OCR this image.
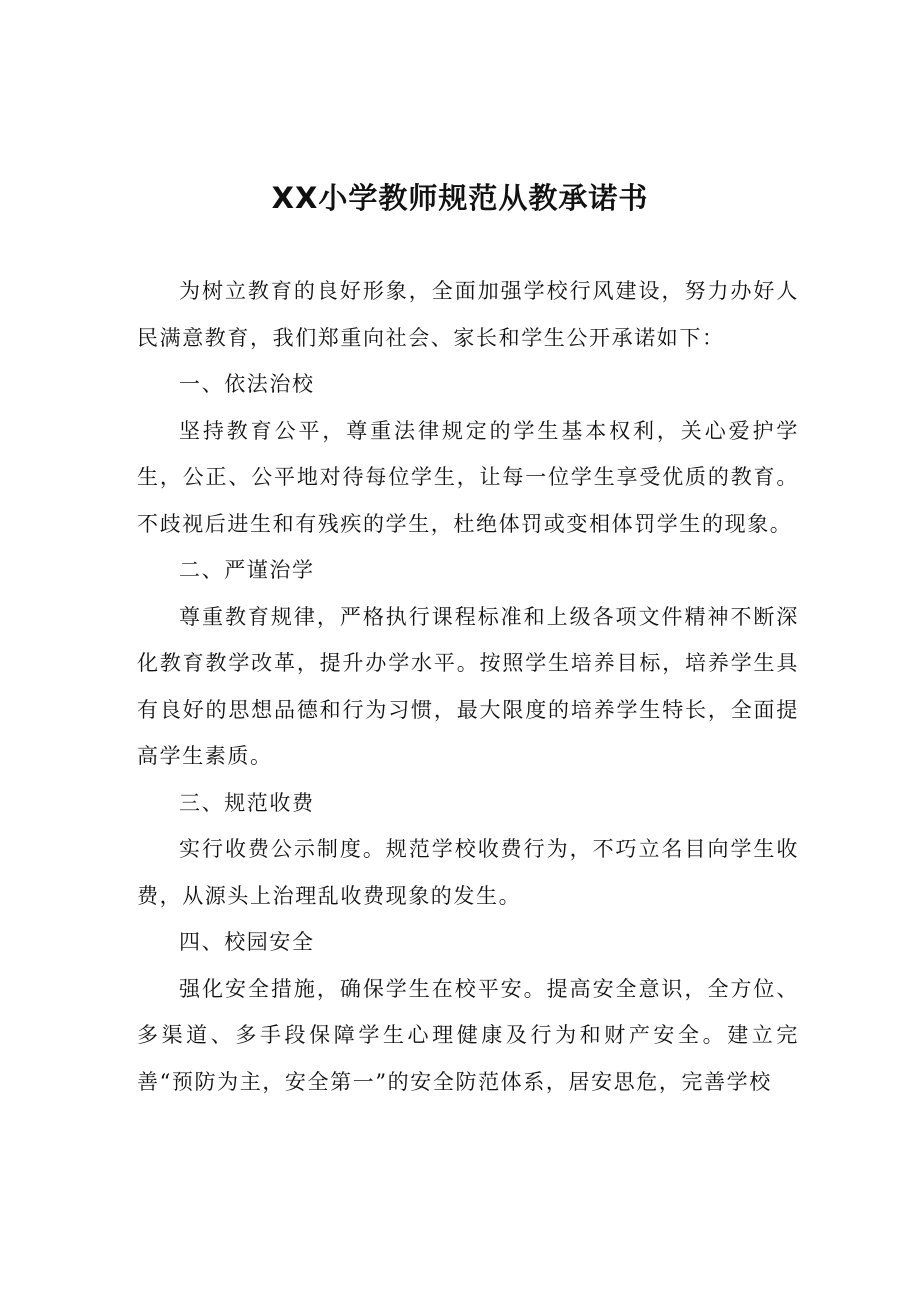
XX小学教师规范从教承诺书

为树立教育的良好形象，全面加强学校行风建设，努力办好人民满意教育，我们郑重向社会、家长和学生公开承诺如下：

一、依法治校

坚持教育公平，尊重法律规定的学生基本权利，关心爱护学生，公正、公平地对待每位学生，让每一位学生享受优质的教育。不歧视后进生和有残疾的学生，杜绝体罚或变相体罚学生的现象。

二、严谨治学

尊重教育规律，严格执行课程标准和上级各项文件精神不断深化教育教学改革，提升办学水平。按照学生培养目标，培养学生具有良好的思想品德和行为习惯，最大限度的培养学生特长，全面提高学生素质。

三、规范收费

实行收费公示制度。规范学校收费行为，不巧立名目向学生收费，从源头上治理乱收费现象的发生。

四、校园安全

强化安全措施，确保学生在校平安。提高安全意识，全方位、多渠道、多手段保障学生心理健康及行为和财产安全。建立完善“预防为主，安全第一”的安全防范体系，居安思危，完善学校
